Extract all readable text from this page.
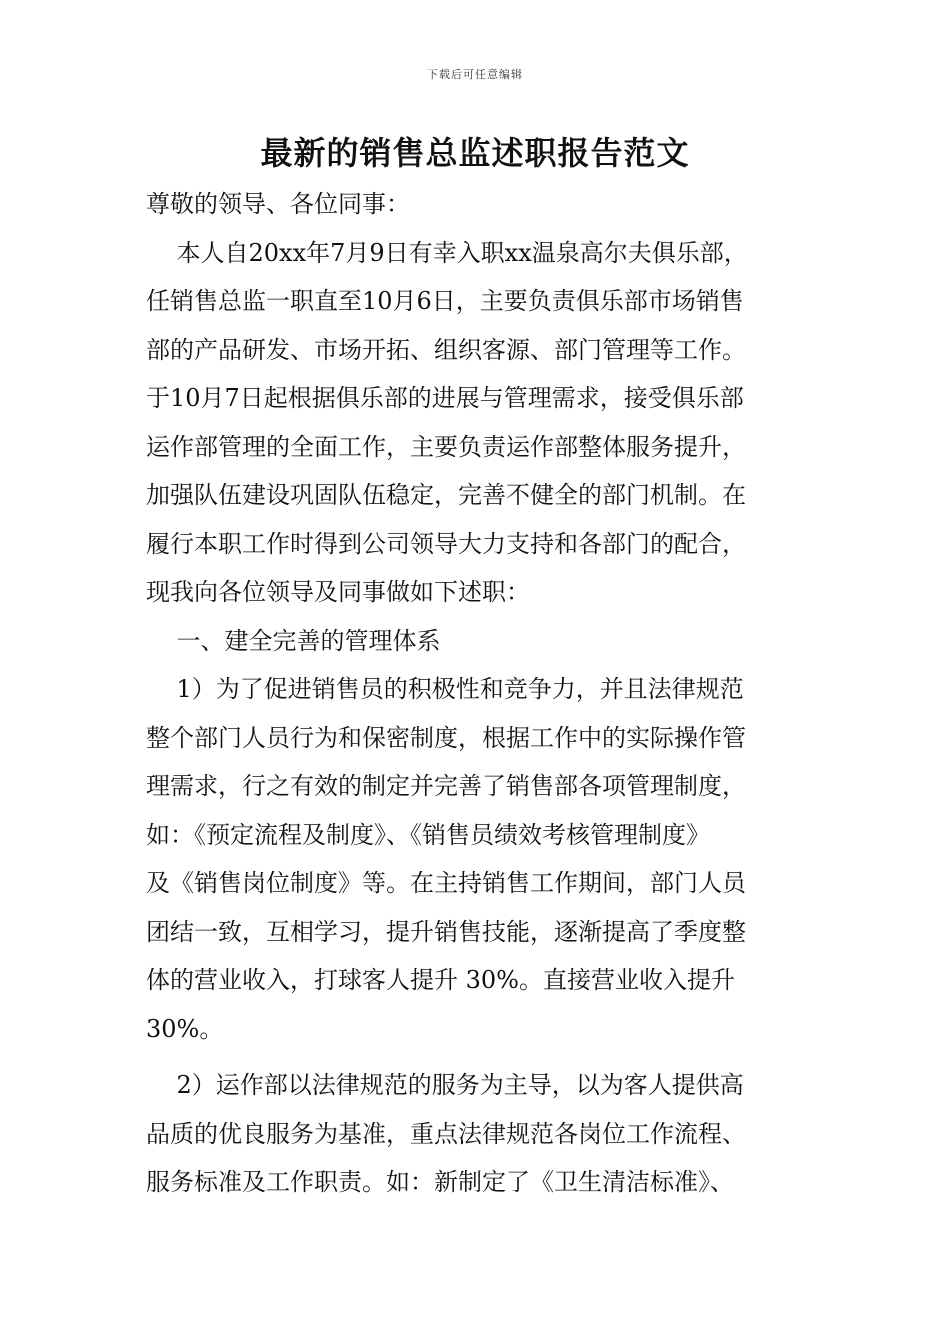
下载后可任意编辑
最新的销售总监述职报告范文
尊敬的领导、各位同事：
本人自20xx年7月9日有幸入职xx温泉高尔夫俱乐部，
任销售总监一职直至10月6日，主要负责俱乐部市场销售
部的产品研发、市场开拓、组织客源、部门管理等工作。
于10月7日起根据俱乐部的进展与管理需求，接受俱乐部
运作部管理的全面工作，主要负责运作部整体服务提升，
加强队伍建设巩固队伍稳定，完善不健全的部门机制。在
履行本职工作时得到公司领导大力支持和各部门的配合，
现我向各位领导及同事做如下述职：
一、建全完善的管理体系
1）为了促进销售员的积极性和竞争力，并且法律规范
整个部门人员行为和保密制度，根据工作中的实际操作管
理需求，行之有效的制定并完善了销售部各项管理制度，
如：《预定流程及制度》、《销售员绩效考核管理制度》
及《销售岗位制度》等。在主持销售工作期间，部门人员
团结一致，互相学习，提升销售技能，逐渐提高了季度整
体的营业收入，打球客人提升 30%。直接营业收入提升
30%。
2）运作部以法律规范的服务为主导，以为客人提供高
品质的优良服务为基准，重点法律规范各岗位工作流程、
服务标准及工作职责。如：新制定了《卫生清洁标准》、
